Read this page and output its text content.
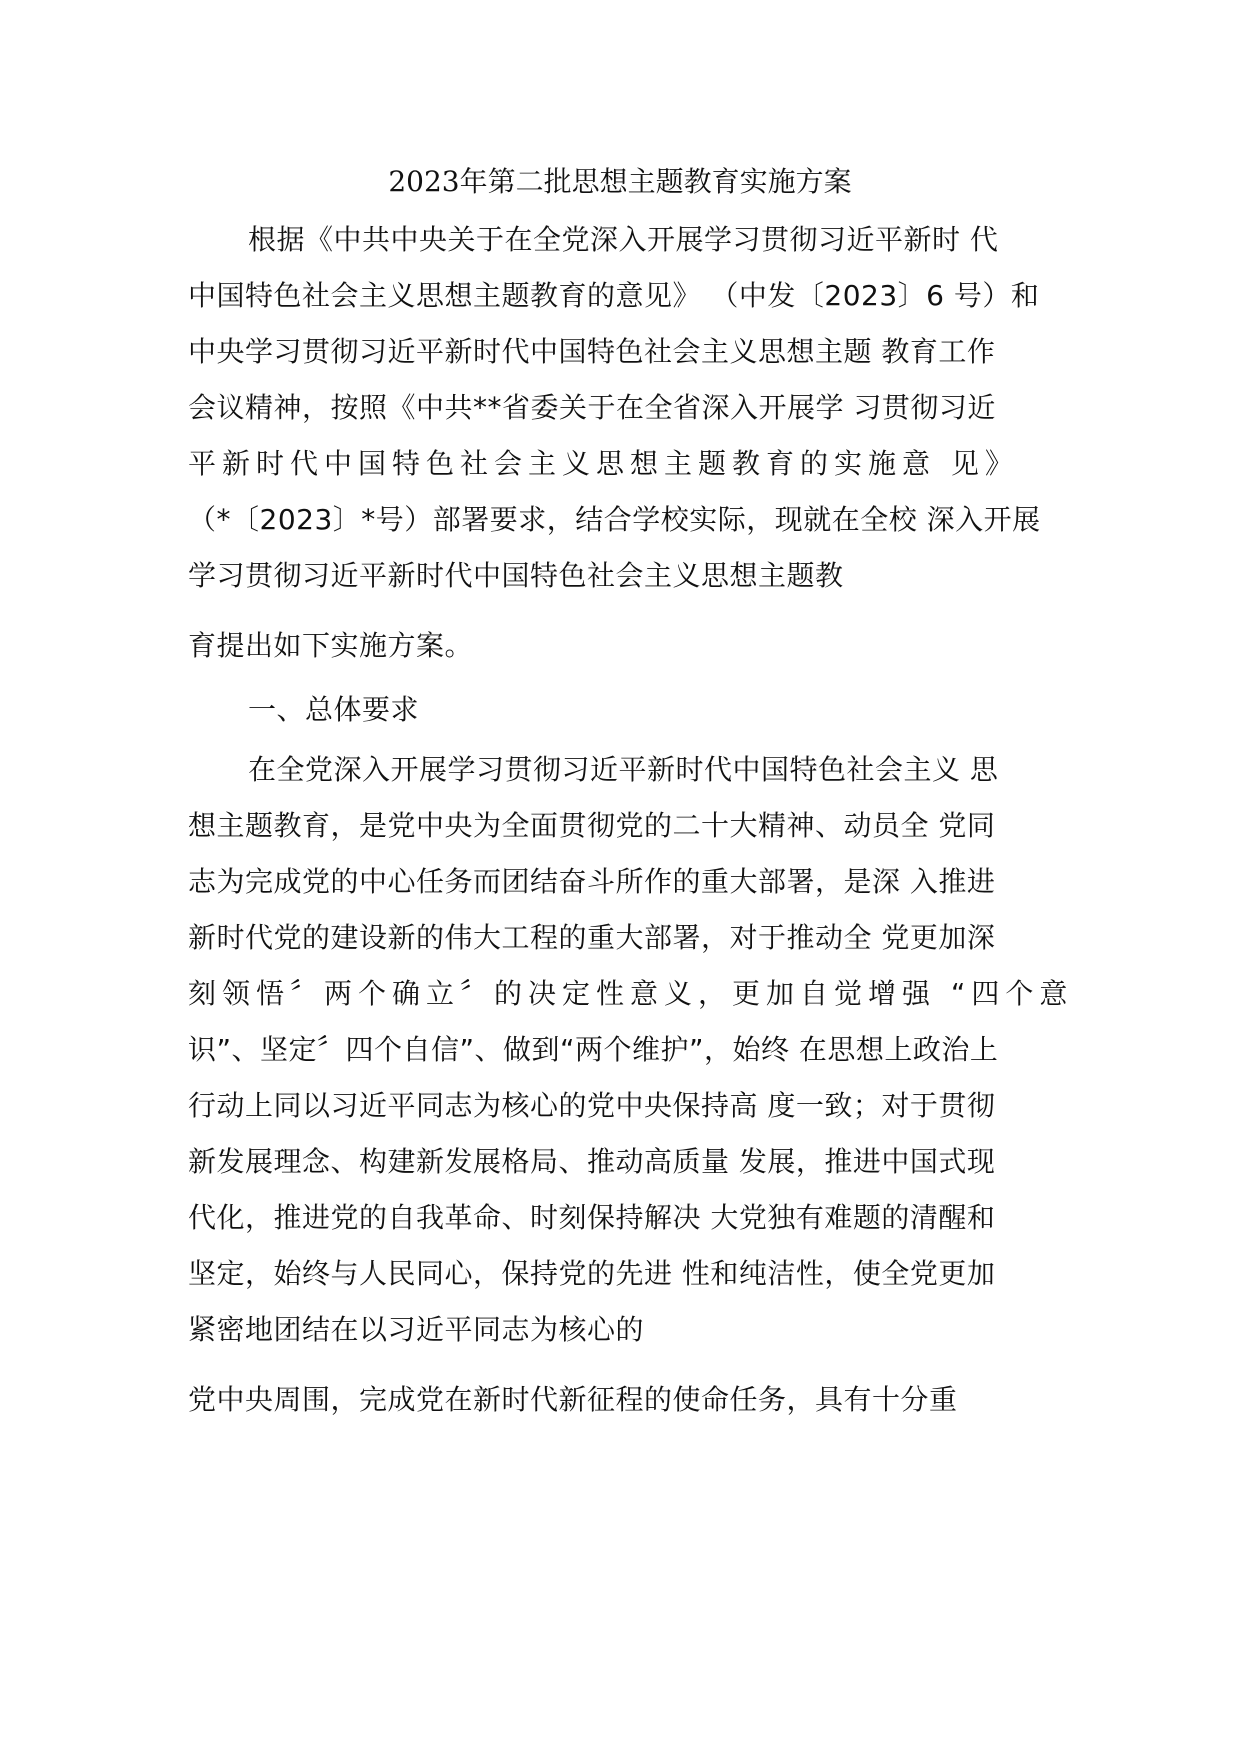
2023年第二批思想主题教育实施方案
根据《中共中央关于在全党深入开展学习贯彻习近平新时 代
中国特色社会主义思想主题教育的意见》 （中发〔2023〕6 号）和
中央学习贯彻习近平新时代中国特色社会主义思想主题 教育工作
会议精神，按照《中共**省委关于在全省深入开展学 习贯彻习近
平新时代中国特色社会主义思想主题教育的实施意 见》
（*〔2023〕*号）部署要求，结合学校实际，现就在全校 深入开展
学习贯彻习近平新时代中国特色社会主义思想主题教
育提出如下实施方案。
一、总体要求
在全党深入开展学习贯彻习近平新时代中国特色社会主义 思
想主题教育，是党中央为全面贯彻党的二十大精神、动员全 党同
志为完成党的中心任务而团结奋斗所作的重大部署，是深 入推进
新时代党的建设新的伟大工程的重大部署，对于推动全 党更加深
刻领悟〞两个确立〞的决定性意义，更加自觉增强 “四个意
识”、坚定〞四个自信”、做到“两个维护”，始终 在思想上政治上
行动上同以习近平同志为核心的党中央保持高 度一致；对于贯彻
新发展理念、构建新发展格局、推动高质量 发展，推进中国式现
代化，推进党的自我革命、时刻保持解决 大党独有难题的清醒和
坚定，始终与人民同心，保持党的先进 性和纯洁性，使全党更加
紧密地团结在以习近平同志为核心的
党中央周围，完成党在新时代新征程的使命任务，具有十分重
